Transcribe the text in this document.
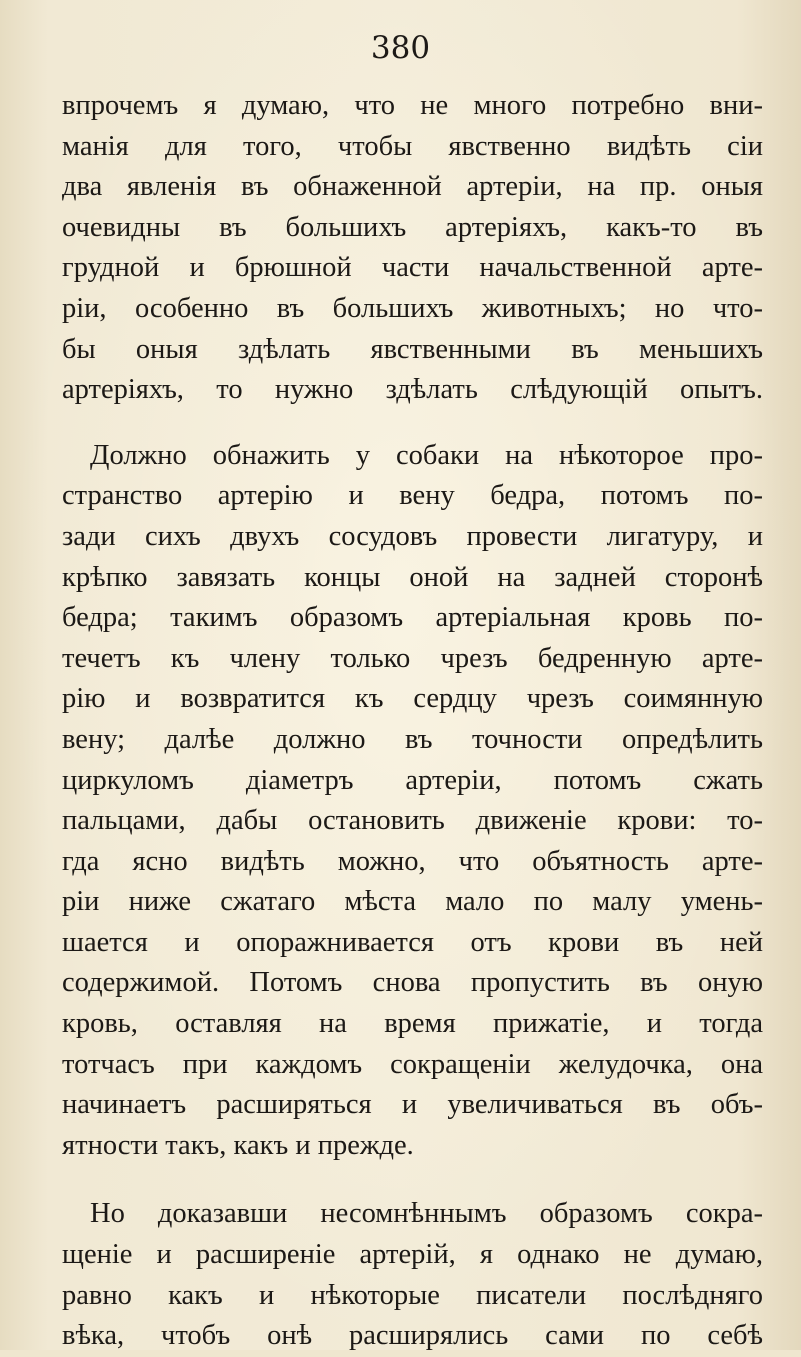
380
впрочемъ я думаю, что не много потребно вни-
манія для того, чтобы явственно видѣть сіи
два явленія въ обнаженной артеріи, на пр. оныя
очевидны въ большихъ артеріяхъ, какъ-то въ
грудной и брюшной части начальственной арте-
ріи, особенно въ большихъ животныхъ; но что-
бы оныя здѣлать явственными въ меньшихъ
артеріяхъ, то нужно здѣлать слѣдующій опытъ.
Должно обнажить у собаки на нѣкоторое про-
странство артерію и вену бедра, потомъ по-
зади сихъ двухъ сосудовъ провести лигатуру, и
крѣпко завязать концы оной на задней сторонѣ
бедра; такимъ образомъ артеріальная кровь по-
течетъ къ члену только чрезъ бедренную арте-
рію и возвратится къ сердцу чрезъ соимянную
вену; далѣе должно въ точности опредѣлить
циркуломъ діаметръ артеріи, потомъ сжать
пальцами, дабы остановить движеніе крови: то-
гда ясно видѣть можно, что объятность арте-
ріи ниже сжатаго мѣста мало по малу умень-
шается и опоражнивается отъ крови въ ней
содержимой. Потомъ снова пропустить въ оную
кровь, оставляя на время прижатіе, и тогда
тотчасъ при каждомъ сокращеніи желудочка, она
начинаетъ расширяться и увеличиваться въ объ-
ятности такъ, какъ и прежде.
Но доказавши несомнѣннымъ образомъ сокра-
щеніе и расширеніе артерій, я однако не думаю,
равно какъ и нѣкоторые писатели послѣдняго
вѣка, чтобъ онѣ расширялись сами по себѣ
